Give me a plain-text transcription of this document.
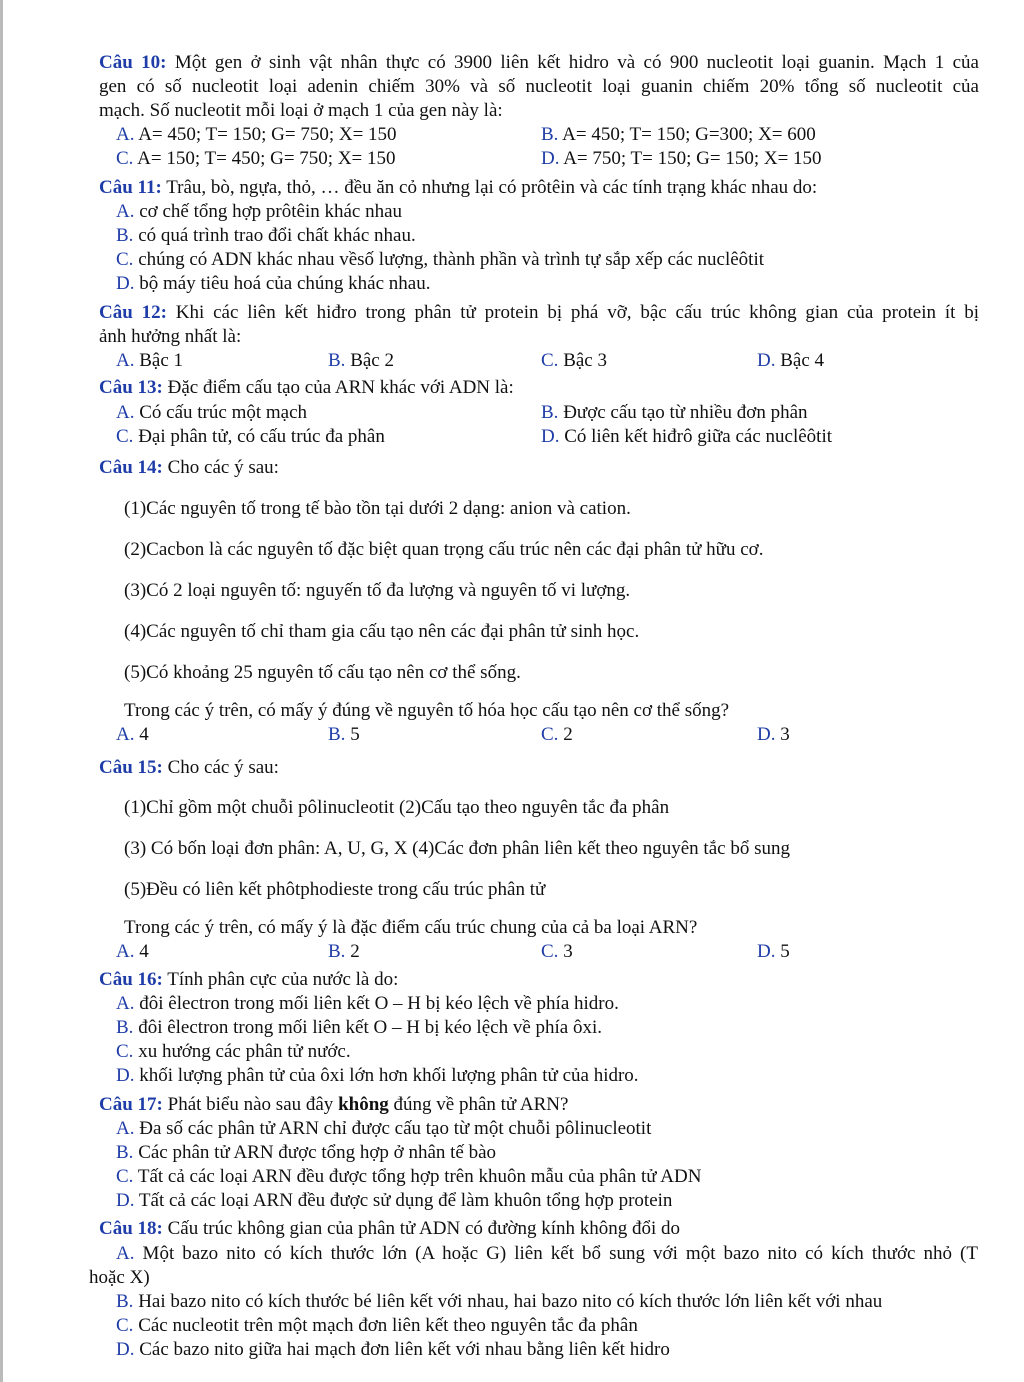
Câu 10: Một gen ở sinh vật nhân thực có 3900 liên kết hidro và có 900 nucleotit loại guanin. Mạch 1 của
gen có số nucleotit loại adenin chiếm 30% và số nucleotit loại guanin chiếm 20% tổng số nucleotit của
mạch. Số nucleotit mỗi loại ở mạch 1 của gen này là:
A. A= 450; T= 150; G= 750; X= 150	B. A= 450; T= 150; G=300; X= 600
C. A= 150; T= 450; G= 750; X= 150	D. A= 750; T= 150; G= 150; X= 150
Câu 11: Trâu, bò, ngựa, thỏ, … đều ăn cỏ nhưng lại có prôtêin và các tính trạng khác nhau do:
A. cơ chế tổng hợp prôtêin khác nhau
B. có quá trình trao đổi chất khác nhau.
C. chúng có ADN khác nhau vềsố lượng, thành phần và trình tự sắp xếp các nuclêôtit
D. bộ máy tiêu hoá của chúng khác nhau.
Câu 12: Khi các liên kết hiđro trong phân tử protein bị phá vỡ, bậc cấu trúc không gian của protein ít bị
ảnh hưởng nhất là:
A. Bậc 1	B. Bậc 2	C. Bậc 3	D. Bậc 4
Câu 13: Đặc điểm cấu tạo của ARN khác với ADN là:
A. Có cấu trúc một mạch	B. Được cấu tạo từ nhiều đơn phân
C. Đại phân tử, có cấu trúc đa phân	D. Có liên kết hiđrô giữa các nuclêôtit
Câu 14: Cho các ý sau:
(1)Các nguyên tố trong tế bào tồn tại dưới 2 dạng: anion và cation.
(2)Cacbon là các nguyên tố đặc biệt quan trọng cấu trúc nên các đại phân tử hữu cơ.
(3)Có 2 loại nguyên tố: nguyến tố đa lượng và nguyên tố vi lượng.
(4)Các nguyên tố chỉ tham gia cấu tạo nên các đại phân tử sinh học.
(5)Có khoảng 25 nguyên tố cấu tạo nên cơ thể sống.
Trong các ý trên, có mấy ý đúng về nguyên tố hóa học cấu tạo nên cơ thể sống?
A. 4	B. 5	C. 2	D. 3
Câu 15: Cho các ý sau:
(1)Chỉ gồm một chuỗi pôlinucleotit (2)Cấu tạo theo nguyên tắc đa phân
(3) Có bốn loại đơn phân: A, U, G, X (4)Các đơn phân liên kết theo nguyên tắc bổ sung
(5)Đều có liên kết phôtphodieste trong cấu trúc phân tử
Trong các ý trên, có mấy ý là đặc điểm cấu trúc chung của cả ba loại ARN?
A. 4	B. 2	C. 3	D. 5
Câu 16: Tính phân cực của nước là do:
A. đôi êlectron trong mối liên kết O – H bị kéo lệch về phía hidro.
B. đôi êlectron trong mối liên kết O – H bị kéo lệch về phía ôxi.
C. xu hướng các phân tử nước.
D. khối lượng phân tử của ôxi lớn hơn khối lượng phân tử của hidro.
Câu 17: Phát biểu nào sau đây không đúng về phân tử ARN?
A. Đa số các phân tử ARN chỉ được cấu tạo từ một chuỗi pôlinucleotit
B. Các phân tử ARN được tổng hợp ở nhân tế bào
C. Tất cả các loại ARN đều được tổng hợp trên khuôn mẫu của phân tử ADN
D. Tất cả các loại ARN đều được sử dụng để làm khuôn tổng hợp protein
Câu 18: Cấu trúc không gian của phân tử ADN có đường kính không đổi do
A. Một bazo nito có kích thước lớn (A hoặc G) liên kết bổ sung với một bazo nito có kích thước nhỏ (T
hoặc X)
B. Hai bazo nito có kích thước bé liên kết với nhau, hai bazo nito có kích thước lớn liên kết với nhau
C. Các nucleotit trên một mạch đơn liên kết theo nguyên tắc đa phân
D. Các bazo nito giữa hai mạch đơn liên kết với nhau bằng liên kết hidro
